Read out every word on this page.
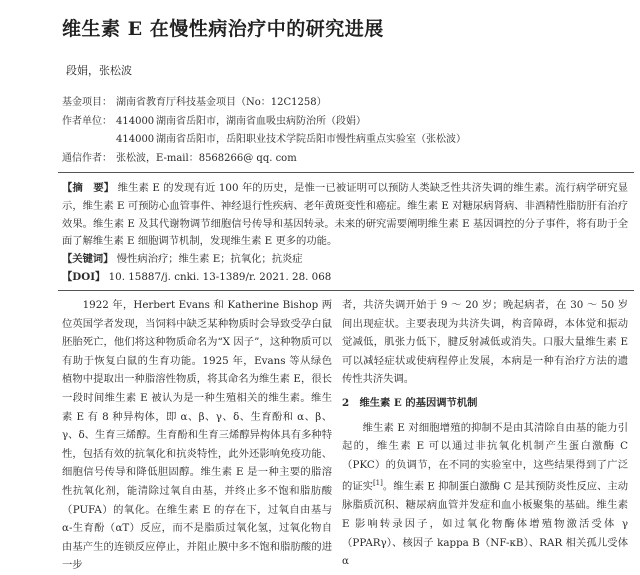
维生素 E 在慢性病治疗中的研究进展
段娟，张松波
基金项目： 湖南省教育厅科技基金项目（No：12C1258）
作者单位： 414000 湖南省岳阳市，湖南省血吸虫病防治所（段娟）
414000 湖南省岳阳市，岳阳职业技术学院岳阳市慢性病重点实验室（张松波）
通信作者： 张松波，E-mail：8568266@ qq. com

【摘　要】 维生素 E 的发现有近 100 年的历史，是惟一已被证明可以预防人类缺乏性共济失调的维生素。流行病学研究显示，维生素 E 可预防心血管事件、神经退行性疾病、老年黄斑变性和癌症。维生素 E 对糖尿病肾病、非酒精性脂肪肝有治疗效果。维生素 E 及其代谢物调节细胞信号传导和基因转录。未来的研究需要阐明维生素 E 基因调控的分子事件，将有助于全面了解维生素 E 细胞调节机制，发现维生素 E 更多的功能。

【关键词】 慢性病治疗；维生素 E；抗氧化；抗炎症

【DOI】 10. 15887/j. cnki. 13-1389/r. 2021. 28. 068

1922 年，Herbert Evans 和 Katherine Bishop 两位英国学者发现，当饲料中缺乏某种物质时会导致受孕白鼠胚胎死亡，他们将这种物质命名为“X 因子”，这种物质可以有助于恢复白鼠的生育功能。1925 年，Evans 等从绿色植物中提取出一种脂溶性物质，将其命名为维生素 E，很长一段时间维生素 E 被认为是一种生殖相关的维生素。维生素 E 有 8 种异构体，即 α、β、γ、δ、生育酚和 α、β、γ、δ、生育三烯醇。生育酚和生育三烯醇异构体具有多种特性，包括有效的抗氧化和抗炎特性，此外还影响免疫功能、细胞信号传导和降低胆固醇。维生素 E 是一种主要的脂溶性抗氧化剂，能清除过氧自由基，并终止多不饱和脂肪酸（PUFA）的氧化。在维生素 E 的存在下，过氧自由基与 α-生育酚（αT）反应，而不是脂质过氧化氢，过氧化物自由基产生的连锁反应停止，并阻止膜中多不饱和脂肪酸的进一步

者，共济失调开始于 9 ～ 20 岁；晚起病者，在 30 ～ 50 岁间出现症状。主要表现为共济失调，构音障碍，本体觉和振动觉减低，肌张力低下，腱反射减低或消失。口服大量维生素 E 可以减轻症状或使病程停止发展，本病是一种有治疗方法的遗传性共济失调。

2　维生素 E 的基因调节机制

维生素 E 对细胞增殖的抑制不是由其清除自由基的能力引起的，维生素 E 可以通过非抗氧化机制产生蛋白激酶 C（PKC）的负调节，在不同的实验室中，这些结果得到了广泛的证实[1]。维生素 E 抑制蛋白激酶 C 是其预防炎性反应、主动脉脂质沉积、糖尿病血管并发症和血小板聚集的基础。维生素 E 影响转录因子，如过氧化物酶体增殖物激活受体 γ（PPARγ）、核因子 kappa B（NF-κB）、RAR 相关孤儿受体 α
